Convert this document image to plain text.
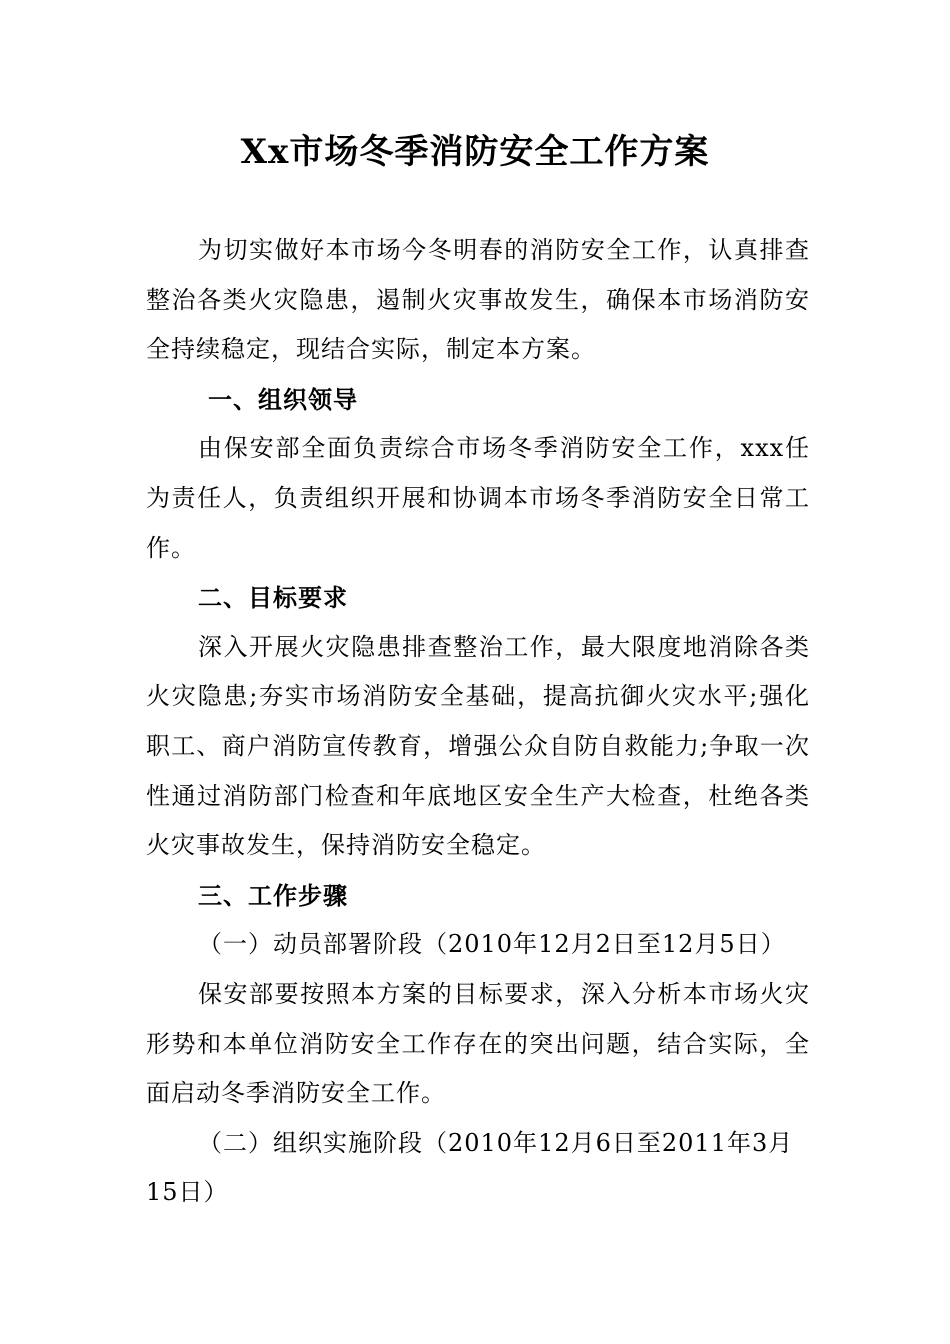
Xx市场冬季消防安全工作方案

为切实做好本市场今冬明春的消防安全工作，认真排查整治各类火灾隐患，遏制火灾事故发生，确保本市场消防安全持续稳定，现结合实际，制定本方案。

一、组织领导

由保安部全面负责综合市场冬季消防安全工作，xxx任为责任人，负责组织开展和协调本市场冬季消防安全日常工作。

二、目标要求

深入开展火灾隐患排查整治工作，最大限度地消除各类火灾隐患;夯实市场消防安全基础，提高抗御火灾水平;强化职工、商户消防宣传教育，增强公众自防自救能力;争取一次性通过消防部门检查和年底地区安全生产大检查，杜绝各类火灾事故发生，保持消防安全稳定。

三、工作步骤

（一）动员部署阶段（2010年12月2日至12月5日）

保安部要按照本方案的目标要求，深入分析本市场火灾形势和本单位消防安全工作存在的突出问题，结合实际，全面启动冬季消防安全工作。

（二）组织实施阶段（2010年12月6日至2011年3月15日）
